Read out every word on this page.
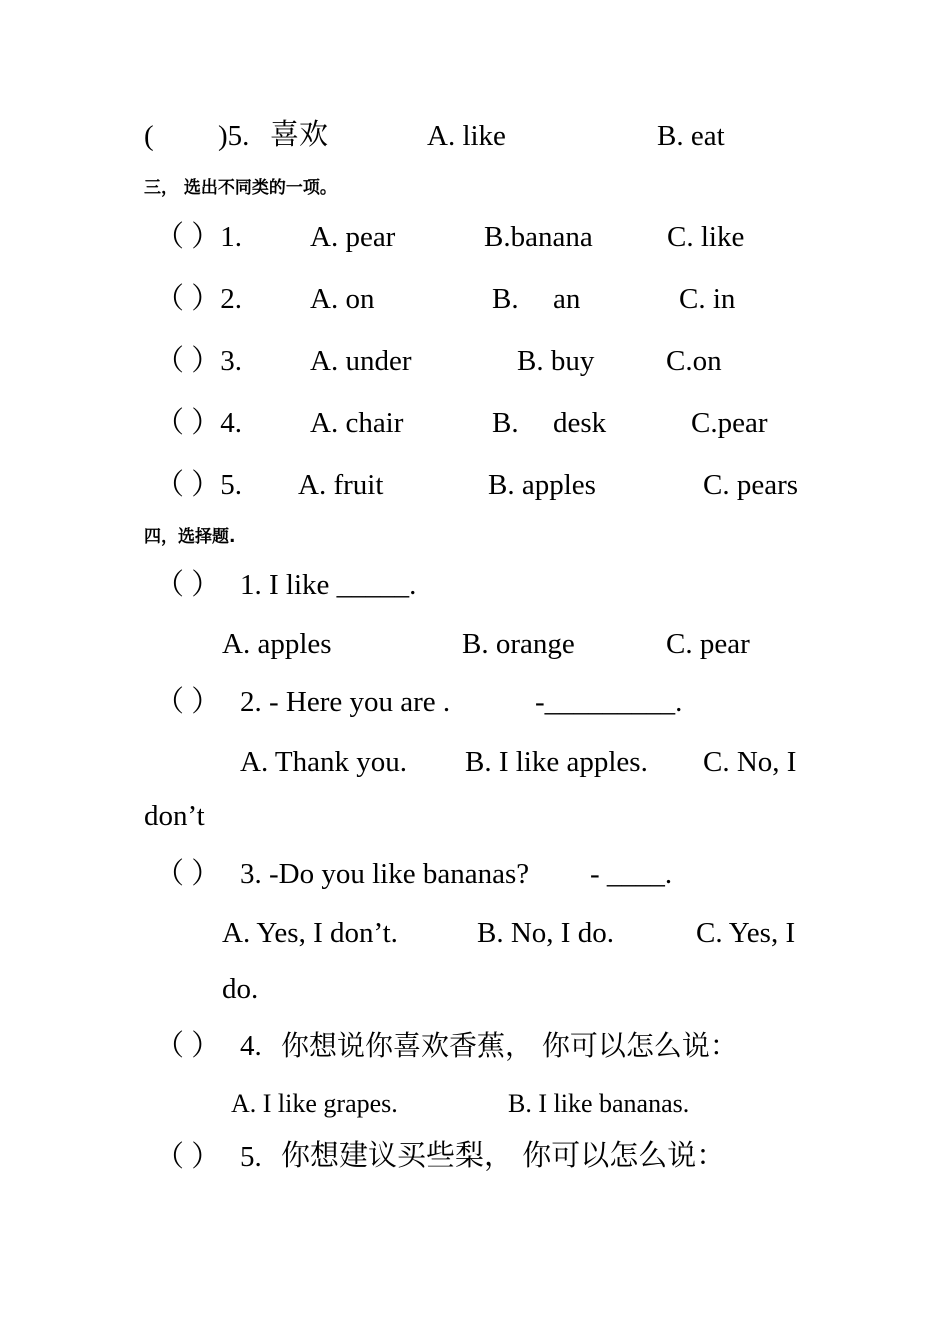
( )5. 喜欢	A. like	B. eat
三， 选出不同类的一项。
（ ）1. A. pear	B.banana	C. like
（ ）2. A. on	B. an	C. in
（ ）3. A. under	B. buy C.on
（ ）4. A. chair	B. desk	C.pear
（ ）5. A. fruit	B. apples	C. pears
四，选择题.
（ ） 1. I like _____.
A. apples	B. orange	C. pear
（ ） 2. - Here you are .	-_________.
A. Thank you. B. I like apples. C. No, I
don’t
（ ） 3. -Do you like bananas? - ____.
A. Yes, I don’t.	B. No, I do.	C. Yes, I
do.
（ ） 4. 你想说你喜欢香蕉， 你可以怎么说：
A. I like grapes.	B. I like bananas.
（ ） 5. 你想建议买些梨， 你可以怎么说：
